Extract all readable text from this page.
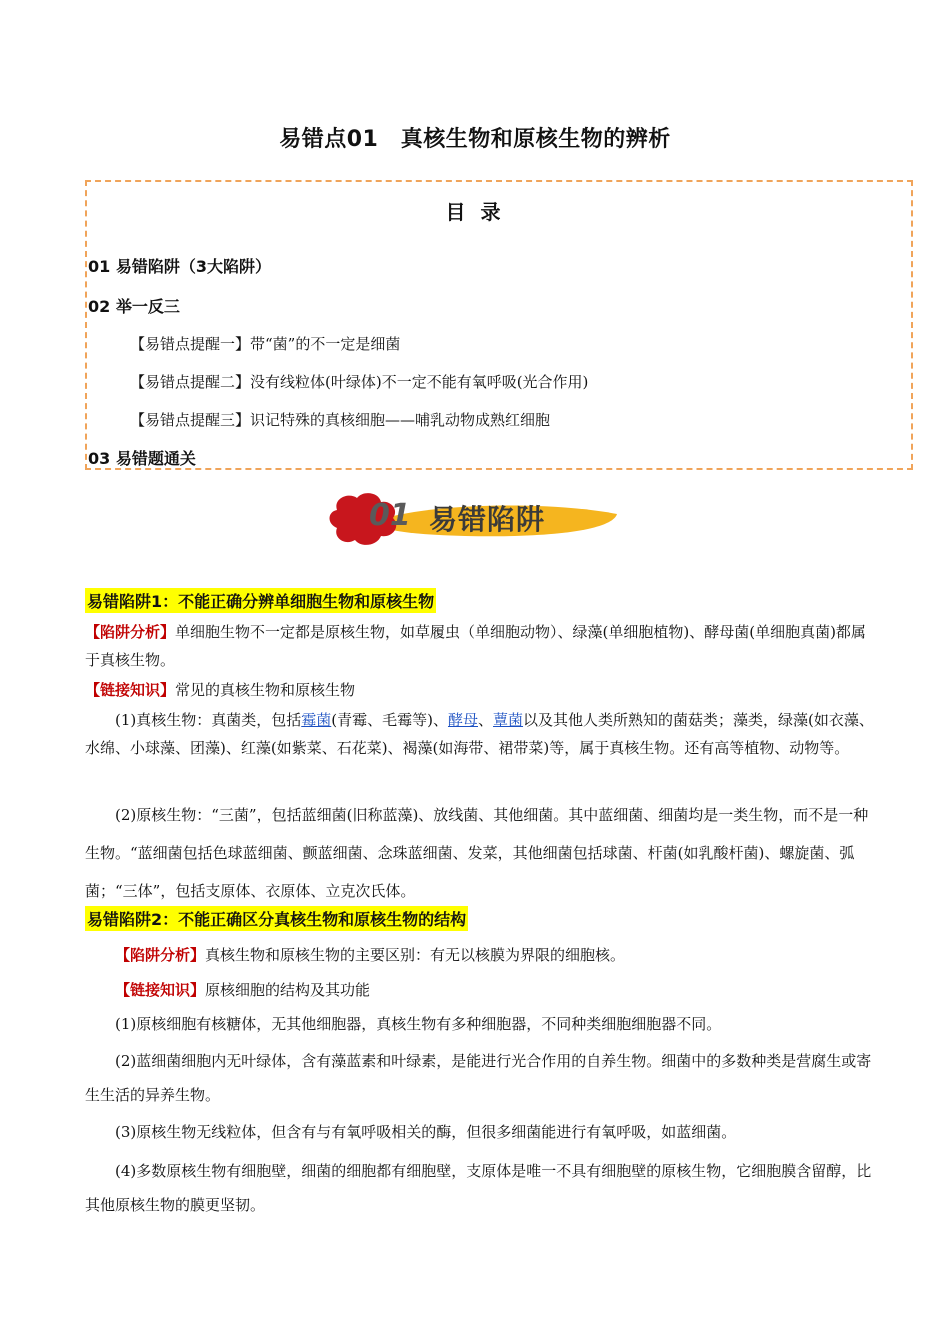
易错点01　真核生物和原核生物的辨析
目 录
01 易错陷阱（3大陷阱）
02 举一反三
【易错点提醒一】带“菌”的不一定是细菌
【易错点提醒二】没有线粒体(叶绿体)不一定不能有氧呼吸(光合作用)
【易错点提醒三】识记特殊的真核细胞——哺乳动物成熟红细胞
03 易错题通关
01 易错陷阱
易错陷阱1：不能正确分辨单细胞生物和原核生物
【陷阱分析】单细胞生物不一定都是原核生物，如草履虫（单细胞动物）、绿藻(单细胞植物)、酵母菌(单细胞真菌)都属于真核生物。
【链接知识】常见的真核生物和原核生物
(1)真核生物：真菌类，包括霉菌(青霉、毛霉等)、酵母、蕈菌以及其他人类所熟知的菌菇类；藻类，绿藻(如衣藻、水绵、小球藻、团藻)、红藻(如紫菜、石花菜)、褐藻(如海带、裙带菜)等，属于真核生物。还有高等植物、动物等。
(2)原核生物：“三菌”，包括蓝细菌(旧称蓝藻)、放线菌、其他细菌。其中蓝细菌、细菌均是一类生物，而不是一种生物。“蓝细菌包括色球蓝细菌、颤蓝细菌、念珠蓝细菌、发菜，其他细菌包括球菌、杆菌(如乳酸杆菌)、螺旋菌、弧菌；“三体”，包括支原体、衣原体、立克次氏体。
易错陷阱2：不能正确区分真核生物和原核生物的结构
【陷阱分析】真核生物和原核生物的主要区别：有无以核膜为界限的细胞核。
【链接知识】原核细胞的结构及其功能
(1)原核细胞有核糖体，无其他细胞器，真核生物有多种细胞器，不同种类细胞细胞器不同。
(2)蓝细菌细胞内无叶绿体，含有藻蓝素和叶绿素，是能进行光合作用的自养生物。细菌中的多数种类是营腐生或寄生生活的异养生物。
(3)原核生物无线粒体，但含有与有氧呼吸相关的酶，但很多细菌能进行有氧呼吸，如蓝细菌。
(4)多数原核生物有细胞壁，细菌的细胞都有细胞壁，支原体是唯一不具有细胞壁的原核生物，它细胞膜含留醇，比其他原核生物的膜更坚韧。
